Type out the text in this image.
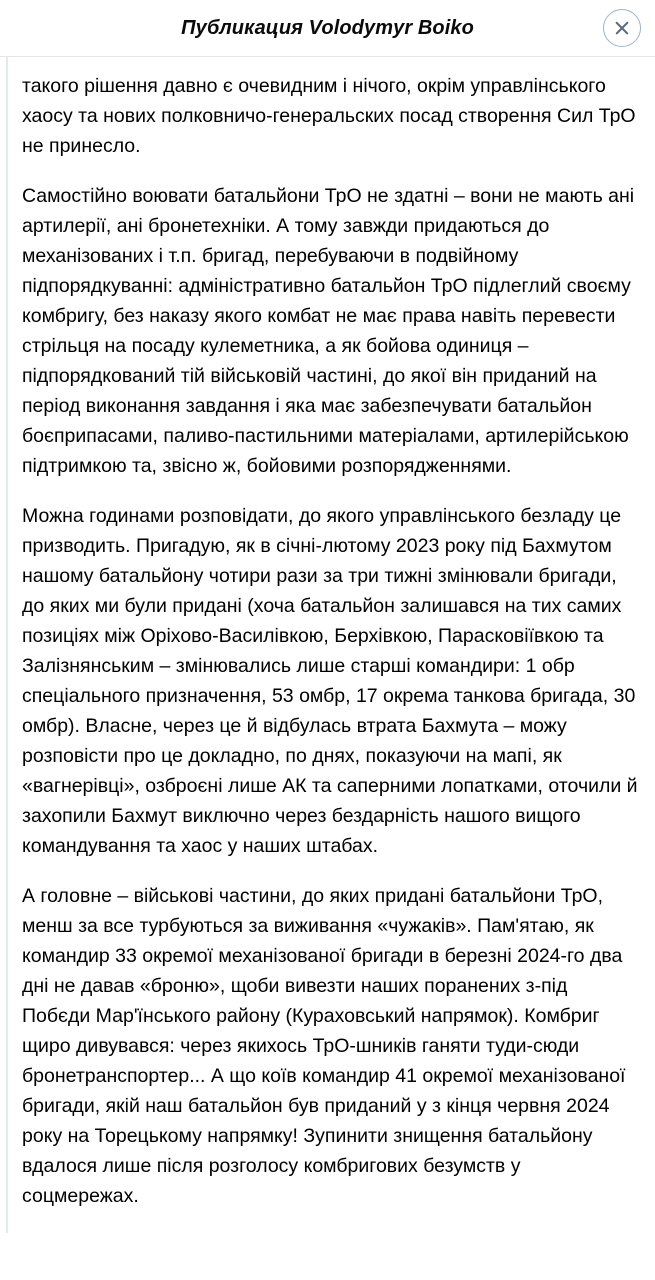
Публикация Volodymyr Boiko

такого рішення давно є очевидним і нічого, окрім управлінського хаосу та нових полковничо-генеральских посад створення Сил ТрО не принесло.

Самостійно воювати батальйони ТрО не здатні – вони не мають ані артилерії, ані бронетехніки. А тому завжди придаються до механізованих і т.п. бригад, перебуваючи в подвійному підпорядкуванні: адміністративно батальйон ТрО підлеглий своєму комбригу, без наказу якого комбат не має права навіть перевести стрільця на посаду кулеметника, а як бойова одиниця – підпорядкований тій військовій частині, до якої він приданий на період виконання завдання і яка має забезпечувати батальйон боєприпасами, паливо-пастильними матеріалами, артилерійською підтримкою та, звісно ж, бойовими розпорядженнями.

Можна годинами розповідати, до якого управлінського безладу це призводить. Пригадую, як в січні-лютому 2023 року під Бахмутом нашому батальйону чотири рази за три тижні змінювали бригади, до яких ми були придані (хоча батальйон залишався на тих самих позиціях між Оріхово-Василівкою, Берхівкою, Парасковіївкою та Залізнянським – змінювались лише старші командири: 1 обр спеціального призначення, 53 омбр, 17 окрема танкова бригада, 30 омбр). Власне, через це й відбулась втрата Бахмута – можу розповісти про це докладно, по днях, показуючи на мапі, як «вагнерівці», озброєні лише АК та саперними лопатками, оточили й захопили Бахмут виключно через бездарність нашого вищого командування та хаос у наших штабах.

А головне – військові частини, до яких придані батальйони ТрО, менш за все турбуються за виживання «чужаків». Пам'ятаю, як командир 33 окремої механізованої бригади в березні 2024-го два дні не давав «броню», щоби вивезти наших поранених з-під Побєди Мар'їнського району (Кураховський напрямок). Комбриг щиро дивувався: через якихось ТрО-шників ганяти туди-сюди бронетранспортер... А що коїв командир 41 окремої механізованої бригади, якій наш батальйон був приданий у з кінця червня 2024 року на Торецькому напрямку! Зупинити знищення батальйону вдалося лише після розголосу комбригових безумств у соцмережах.
